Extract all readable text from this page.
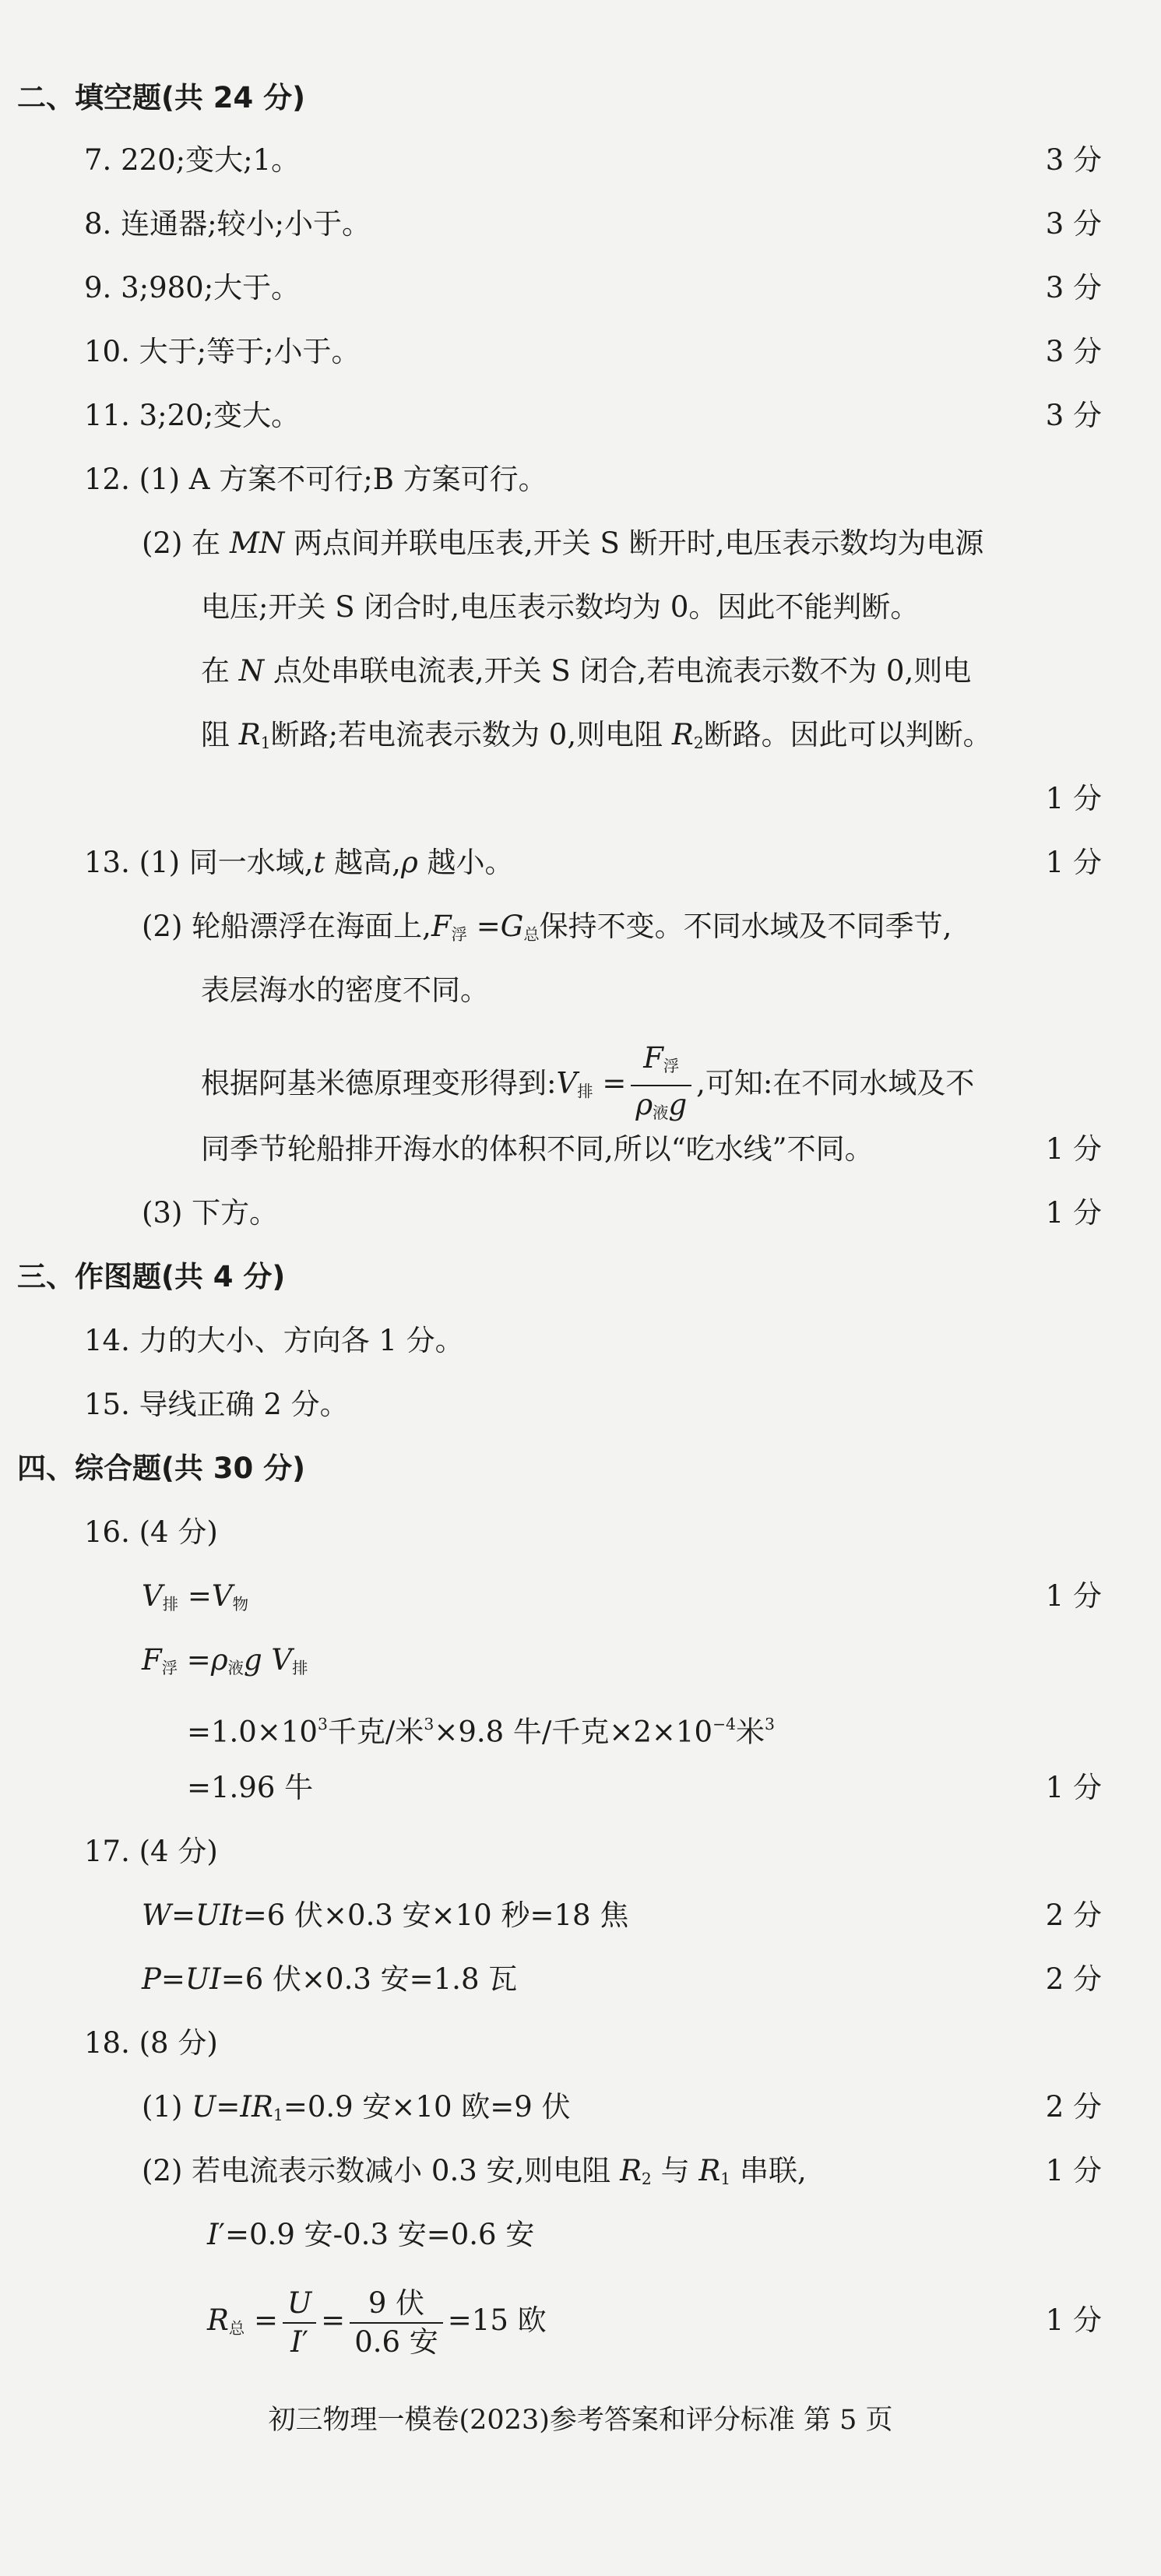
二、填空题(共 24 分)
7. 220;变大;1。	3 分
8. 连通器;较小;小于。	3 分
9. 3;980;大于。	3 分
10. 大于;等于;小于。	3 分
11. 3;20;变大。	3 分
12. (1) A 方案不可行;B 方案可行。
(2) 在 MN 两点间并联电压表,开关 S 断开时,电压表示数均为电源
电压;开关 S 闭合时,电压表示数均为 0。因此不能判断。
在 N 点处串联电流表,开关 S 闭合,若电流表示数不为 0,则电
阻 $R_1$断路;若电流表示数为 0,则电阻 $R_2$断路。因此可以判断。
1 分
13. (1) 同一水域,t 越高,ρ 越小。	1 分
(2) 轮船漂浮在海面上$,F_浮 =G_总$保持不变。不同水域及不同季节,
表层海水的密度不同。
根据阿基米德原理变形得到$:V_排 = \frac{F_浮}{\rho_液g}$ ,可知:在不同水域及不
同季节轮船排开海水的体积不同,所以“吃水线”不同。	1 分
(3) 下方。	1 分
三、作图题(共 4 分)
14. 力的大小、方向各 1 分。
15. 导线正确 2 分。
四、综合题(共 30 分)
16. (4 分)
$V_排 =V_物$	1 分
$F_浮 =\rho_液g$ $V_排$
$=1.0\times 10^3$千克/米$^3$×9.8 牛/千克$\times 2\times 10^{-4}$米$^3$
=1.96 牛	1 分
17. (4 分)
W=UIt=6 伏×0.3 安×10 秒=18 焦	2 分
P=UI=6 伏×0.3 安=1.8 瓦	2 分
18. (8 分)
(1) $U=IR_1=0.9$ 安×10 欧=9 伏	2 分
(2) 若电流表示数减小 0.3 安,则电阻 $R_2$ 与 $R_1$ 串联,	1 分
I′=0.9 安-0.3 安=0.6 安
$R_总 = \frac{U}{I'} = \frac{\text{9 伏}}{\text{0.6 安}} =15$ 欧	1 分
初三物理一模卷(2023)参考答案和评分标准 第 5 页
